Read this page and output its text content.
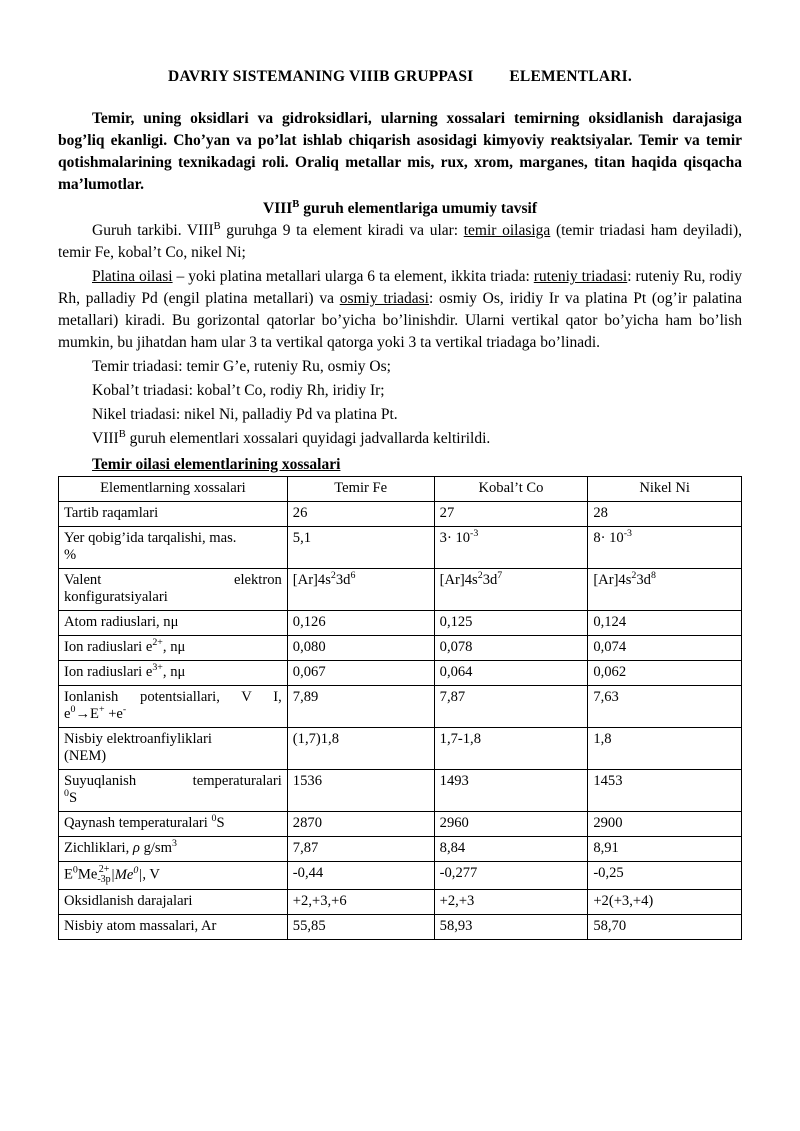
DAVRIY SISTEMANING VIIIB GRUPPASI ELEMENTLARI.

Temir, uning oksidlari va gidroksidlari, ularning xossalari temirning oksidlanish darajasiga bog’liq ekanligi. Cho’yan va po’lat ishlab chiqarish asosidagi kimyoviy reaktsiyalar. Temir va temir qotishmalarining texnikadagi roli. Oraliq metallar mis, rux, xrom, marganes, titan haqida qisqacha ma’lumotlar.

$VIII^B$ guruh elementlariga umumiy tavsif

Guruh tarkibi. $VIII^B$ guruhga 9 ta element kiradi va ular: temir oilasiga (temir triadasi ham deyiladi), temir Fe, kobal’t Co, nikel Ni;

Platina oilasi – yoki platina metallari ularga 6 ta element, ikkita triada: ruteniy triadasi: ruteniy Ru, rodiy Rh, palladiy Pd (engil platina metallari) va osmiy triadasi: osmiy Os, iridiy Ir va platina Pt (og’ir palatina metallari) kiradi. Bu gorizontal qatorlar bo’yicha bo’linishdir. Ularni vertikal qator bo’yicha ham bo’lish mumkin, bu jihatdan ham ular 3 ta vertikal qatorga yoki 3 ta vertikal triadaga bo’linadi.

Temir triadasi: temir G’e, ruteniy Ru, osmiy Os;

Kobal’t triadasi: kobal’t Co, rodiy Rh, iridiy Ir;

Nikel triadasi: nikel Ni, palladiy Pd va platina Pt.

$VIII^B$ guruh elementlari xossalari quyidagi jadvallarda keltirildi.

Temir oilasi elementlarining xossalari
Elementlarning xossalari	Temir Fe	Kobal’t Co	Nikel Ni
Tartib raqamlari	26	27	28
Yer qobig’ida tarqalishi, mas.
%	5,1	$3\cdot 10^{-3}$	$8\cdot 10^{-3}$

Valent elektron
konfiguratsiyalari	$[Ar]4s^23d^6$	$[Ar]4s^23d^7$	$[Ar]4s^23d^8$
Atom radiuslari, nμ	0,126	0,125	0,124
Ion radiuslari $e^{2+}$, nμ	0,080	0,078	0,074
Ion radiuslari $e^{3+}$, nμ	0,067	0,064	0,062

Ionlanish potentsiallari, V I,
$e^0\to E^+ +e^-$	7,89	7,87	7,63
Nisbiy elektroanfiyliklari
(NEM)	(1,7)1,8	1,7-1,8	1,8

Suyuqlanish temperaturalari
$^0$S	1536	1493	1453
Qaynash temperaturalari $^0$S	2870	2960	2900
Zichliklari, ρ $g/sm^3$	7,87	8,84	8,91
$E^0Me$ 2+
-3p |Me$^0$|, V	-0,44	-0,277	-0,25
Oksidlanish darajalari	+2,+3,+6	+2,+3	+2(+3,+4)
Nisbiy atom massalari, Ar	55,85	58,93	58,70
